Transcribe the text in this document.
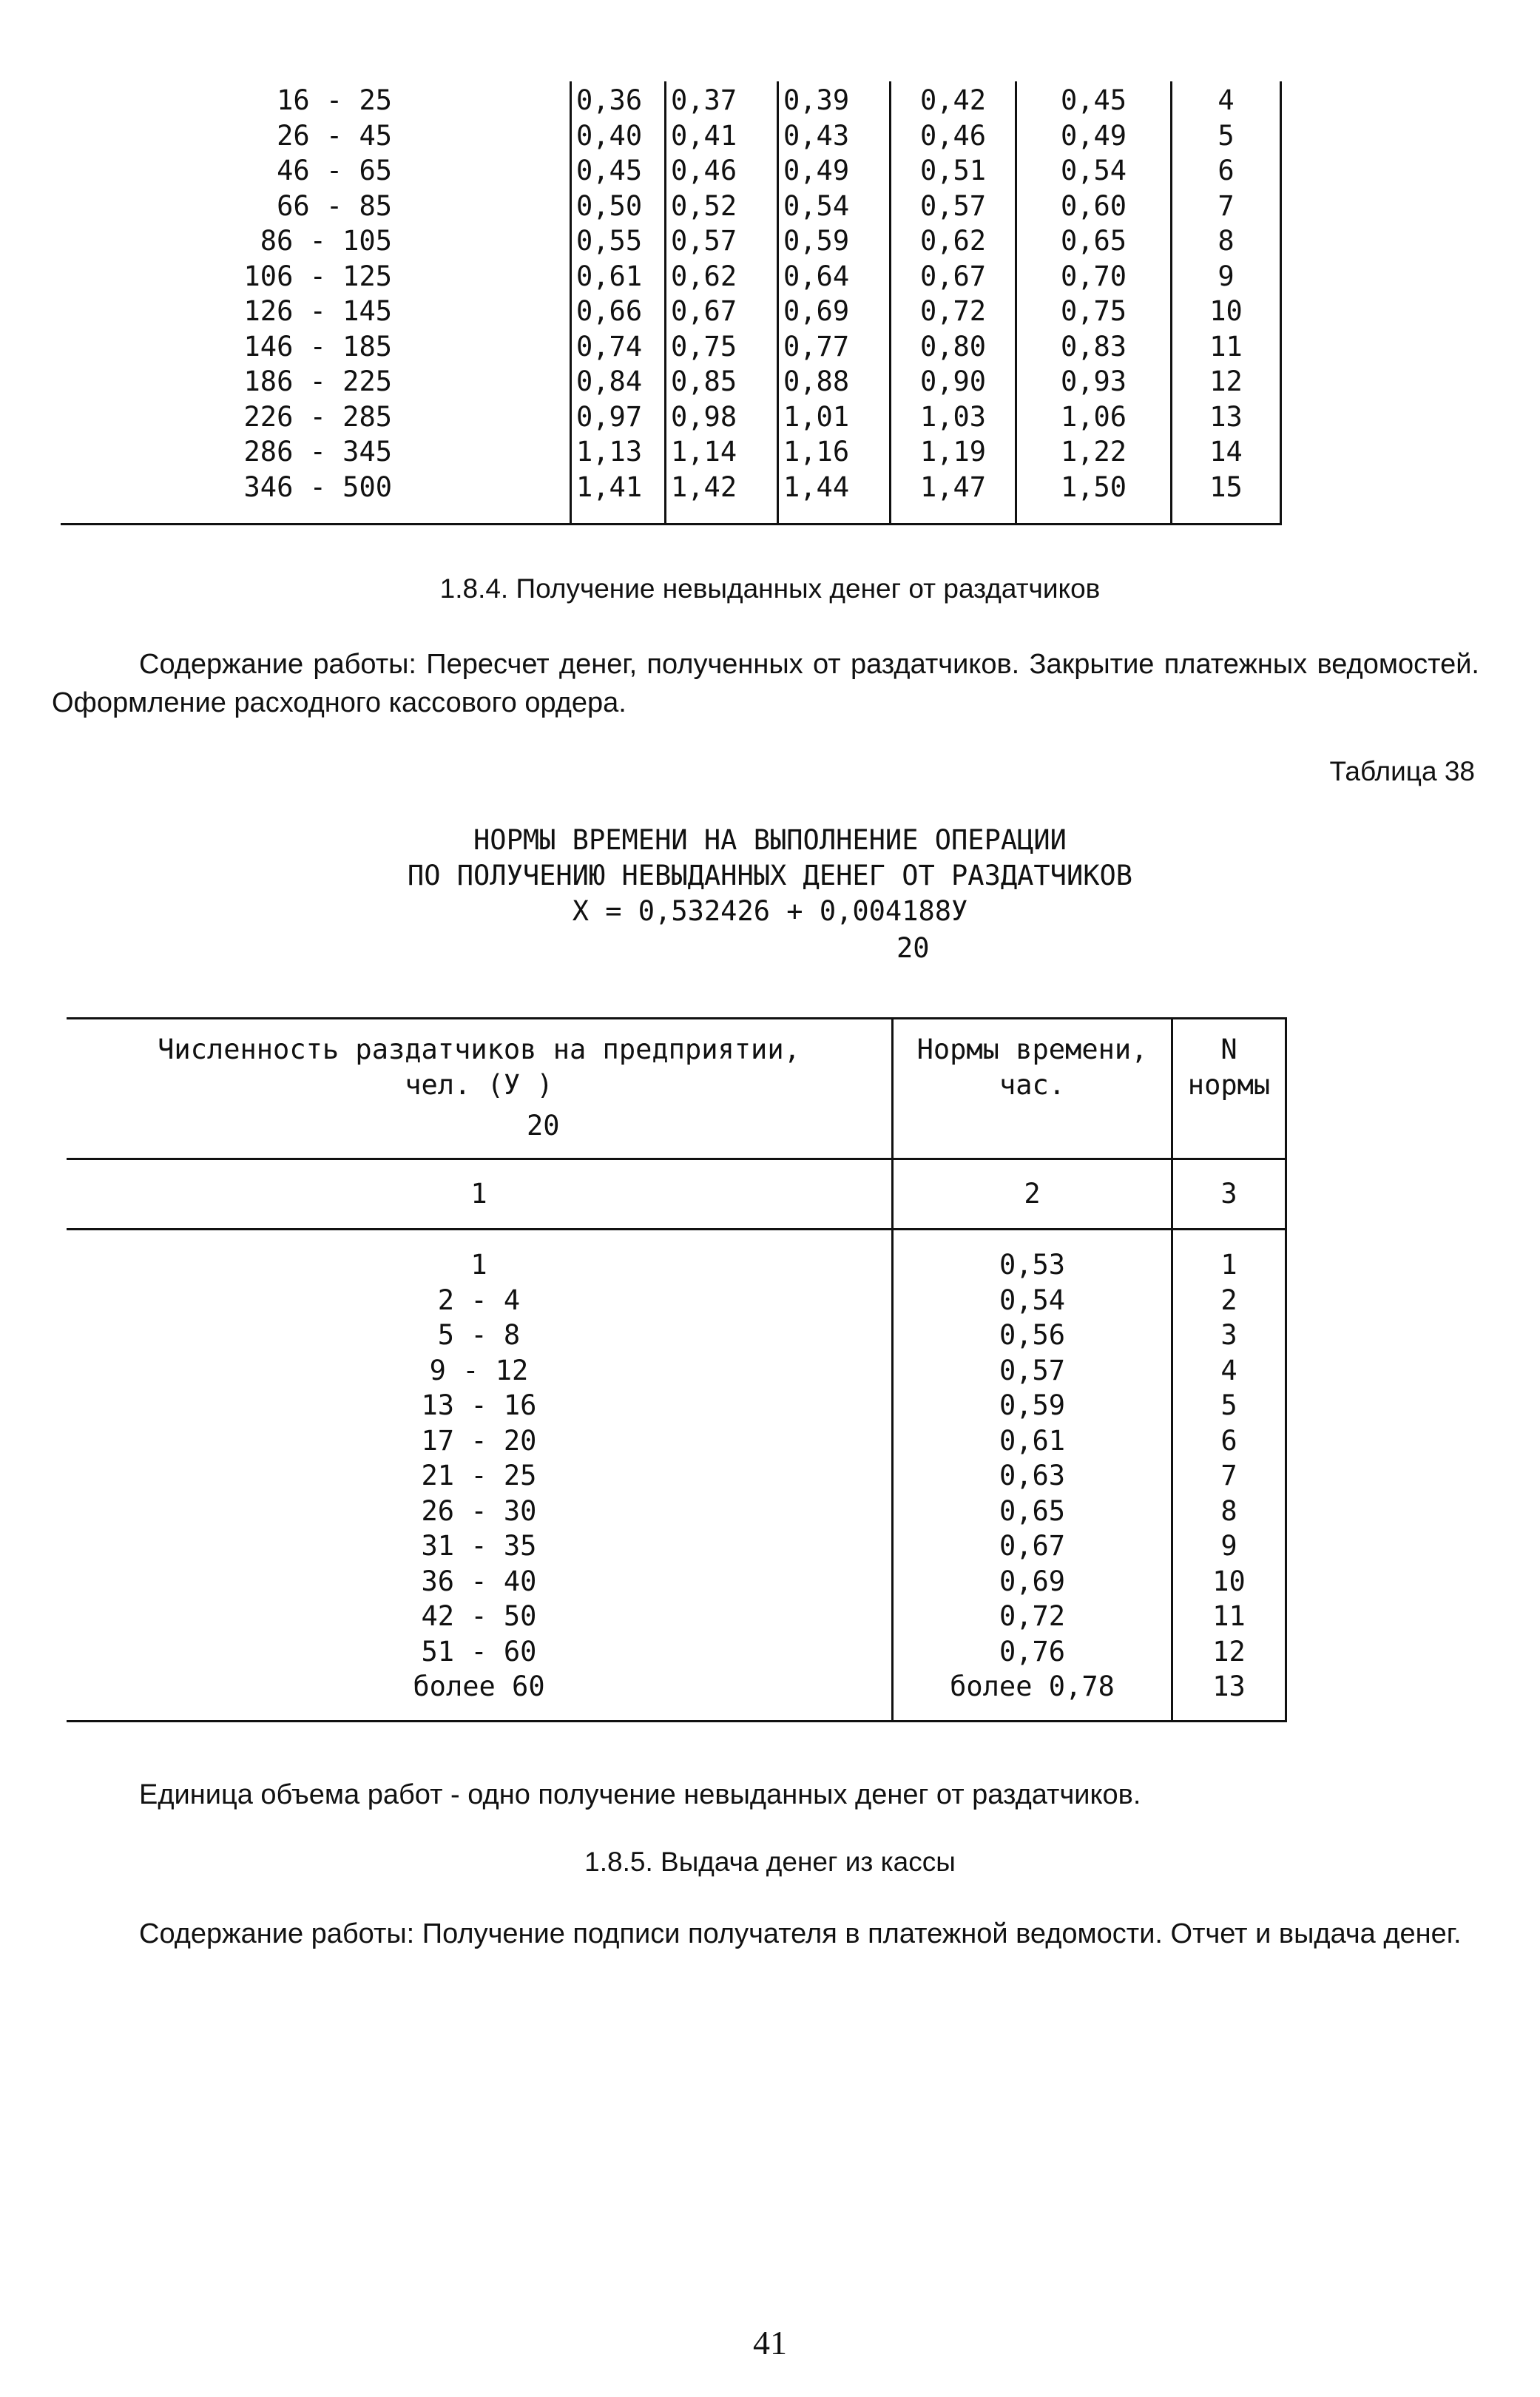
16 - 25	0,36	0,37	0,39	0,42	0,45	4
26 - 45	0,40	0,41	0,43	0,46	0,49	5
46 - 65	0,45	0,46	0,49	0,51	0,54	6
66 - 85	0,50	0,52	0,54	0,57	0,60	7
86 - 105	0,55	0,57	0,59	0,62	0,65	8
106 - 125	0,61	0,62	0,64	0,67	0,70	9
126 - 145	0,66	0,67	0,69	0,72	0,75	10
146 - 185	0,74	0,75	0,77	0,80	0,83	11
186 - 225	0,84	0,85	0,88	0,90	0,93	12
226 - 285	0,97	0,98	1,01	1,03	1,06	13
286 - 345	1,13	1,14	1,16	1,19	1,22	14
346 - 500	1,41	1,42	1,44	1,47	1,50	15
1.8.4. Получение невыданных денег от раздатчиков
Содержание работы: Пересчет денег, полученных от раздатчиков. Закрытие платежных ведомостей. Оформление расходного кассового ордера.
Таблица 38
НОРМЫ ВРЕМЕНИ НА ВЫПОЛНЕНИЕ ОПЕРАЦИИ
ПО ПОЛУЧЕНИЮ НЕВЫДАННЫХ ДЕНЕГ ОТ РАЗДАТЧИКОВ
X = 0,532426 + 0,004188У
20
Численность раздатчиков на предприятии,
чел. (У )
20
Нормы времени,
час.
N
нормы
1	2	3
1	0,53	1
2 - 4	0,54	2
5 - 8	0,56	3
9 - 12	0,57	4
13 - 16	0,59	5
17 - 20	0,61	6
21 - 25	0,63	7
26 - 30	0,65	8
31 - 35	0,67	9
36 - 40	0,69	10
42 - 50	0,72	11
51 - 60	0,76	12
более 60	более 0,78	13
Единица объема работ - одно получение невыданных денег от раздатчиков.
1.8.5. Выдача денег из кассы
Содержание работы: Получение подписи получателя в платежной ведомости. Отчет и выдача денег.
41
